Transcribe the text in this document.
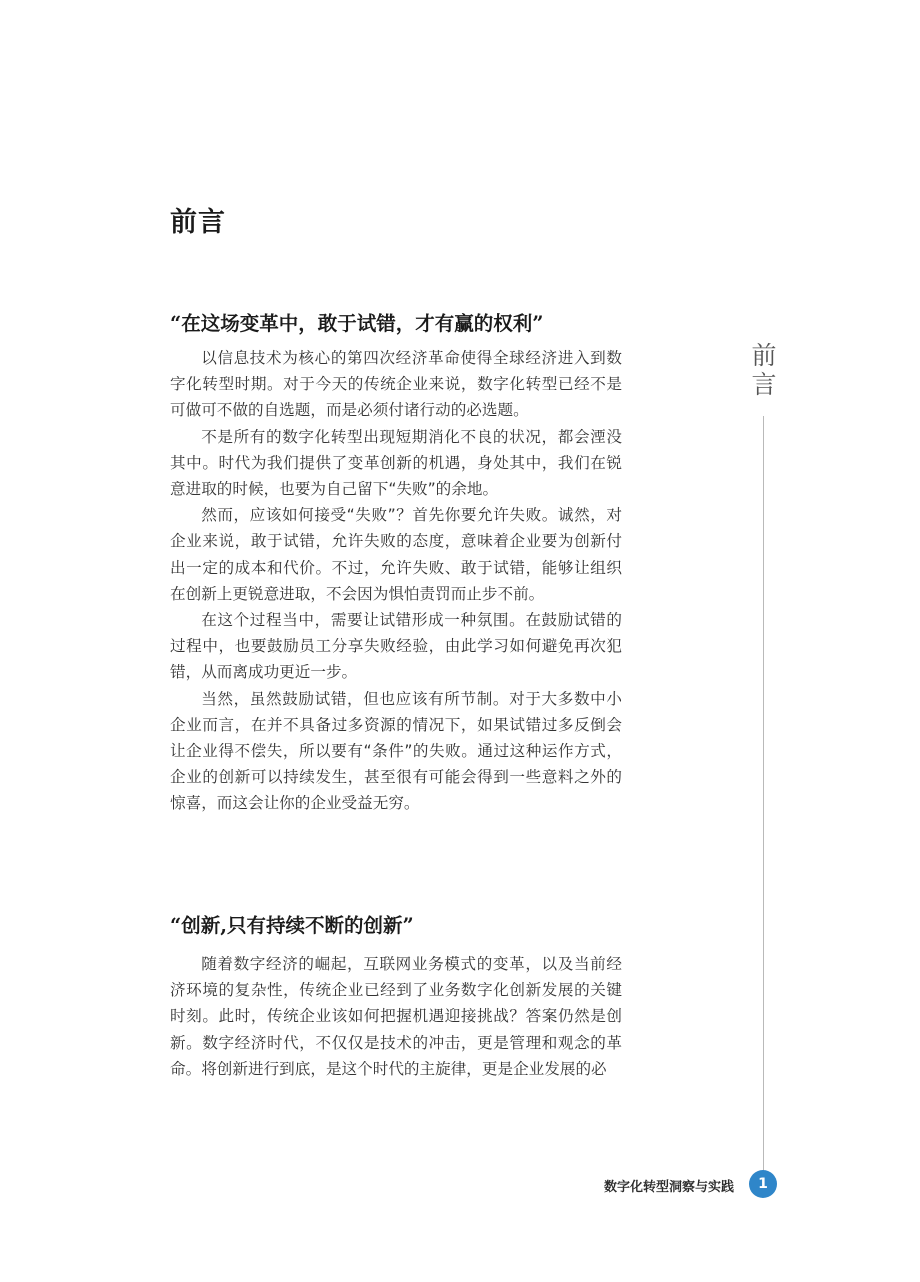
前言
“在这场变革中，敢于试错，才有赢的权利”

以信息技术为核心的第四次经济革命使得全球经济进入到数字化转型时期。对于今天的传统企业来说，数字化转型已经不是可做可不做的自选题，而是必须付诸行动的必选题。

不是所有的数字化转型出现短期消化不良的状况，都会湮没其中。时代为我们提供了变革创新的机遇，身处其中，我们在锐意进取的时候，也要为自己留下“失败”的余地。

然而，应该如何接受“失败”？首先你要允许失败。诚然，对企业来说，敢于试错，允许失败的态度，意味着企业要为创新付出一定的成本和代价。不过，允许失败、敢于试错，能够让组织在创新上更锐意进取，不会因为惧怕责罚而止步不前。

在这个过程当中，需要让试错形成一种氛围。在鼓励试错的过程中，也要鼓励员工分享失败经验，由此学习如何避免再次犯错，从而离成功更近一步。

当然，虽然鼓励试错，但也应该有所节制。对于大多数中小企业而言，在并不具备过多资源的情况下，如果试错过多反倒会让企业得不偿失，所以要有“条件”的失败。通过这种运作方式，企业的创新可以持续发生，甚至很有可能会得到一些意料之外的惊喜，而这会让你的企业受益无穷。

“创新,只有持续不断的创新”

随着数字经济的崛起，互联网业务模式的变革，以及当前经济环境的复杂性，传统企业已经到了业务数字化创新发展的关键时刻。此时，传统企业该如何把握机遇迎接挑战？答案仍然是创新。数字经济时代，不仅仅是技术的冲击，更是管理和观念的革命。将创新进行到底，是这个时代的主旋律，更是企业发展的必

前言
数字化转型洞察与实践	1
